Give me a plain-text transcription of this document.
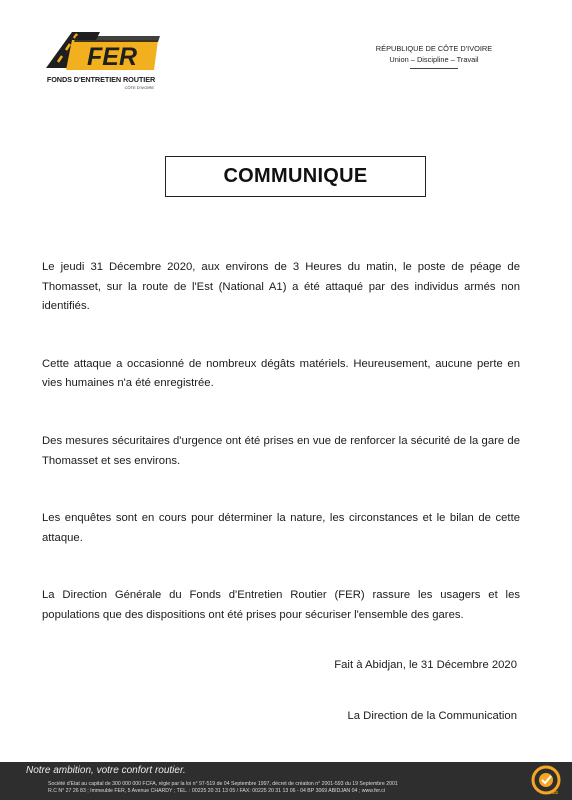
FER
FONDS D'ENTRETIEN ROUTIER
CÔTE D'IVOIRE
RÉPUBLIQUE DE CÔTE D'IVOIRE
Union – Discipline – Travail
COMMUNIQUE

Le jeudi 31 Décembre 2020, aux environs de 3 Heures du matin, le poste de péage de Thomasset, sur la route de l'Est (National A1) a été attaqué par des individus armés non identifiés.

Cette attaque a occasionné de nombreux dégâts matériels. Heureusement, aucune perte en vies humaines n'a été enregistrée.

Des mesures sécuritaires d'urgence ont été prises en vue de renforcer la sécurité de la gare de Thomasset et ses environs.

Les enquêtes sont en cours pour déterminer la nature, les circonstances et le bilan de cette attaque.

La Direction Générale du Fonds d'Entretien Routier (FER) rassure les usagers et les populations que des dispositions ont été prises pour sécuriser l'ensemble des gares.

Fait à Abidjan, le 31 Décembre 2020
La Direction de la Communication
Notre ambition, votre confort routier.
Société d'Etat au capital de 300 000 000 FCFA, régie par la loi n° 97-519 de 04 Septembre 1997, décret de création n° 2001-593 du 19 Septembre 2001
R.C N° 27 26 83 ; Immeuble FER, 5 Avenue CHARDY ; TEL. : 00225 20 31 13 05 / FAX: 00225 20 31 13 06 - 04 BP 3069 ABIDJAN 04 ; www.fer.ci	SGS
